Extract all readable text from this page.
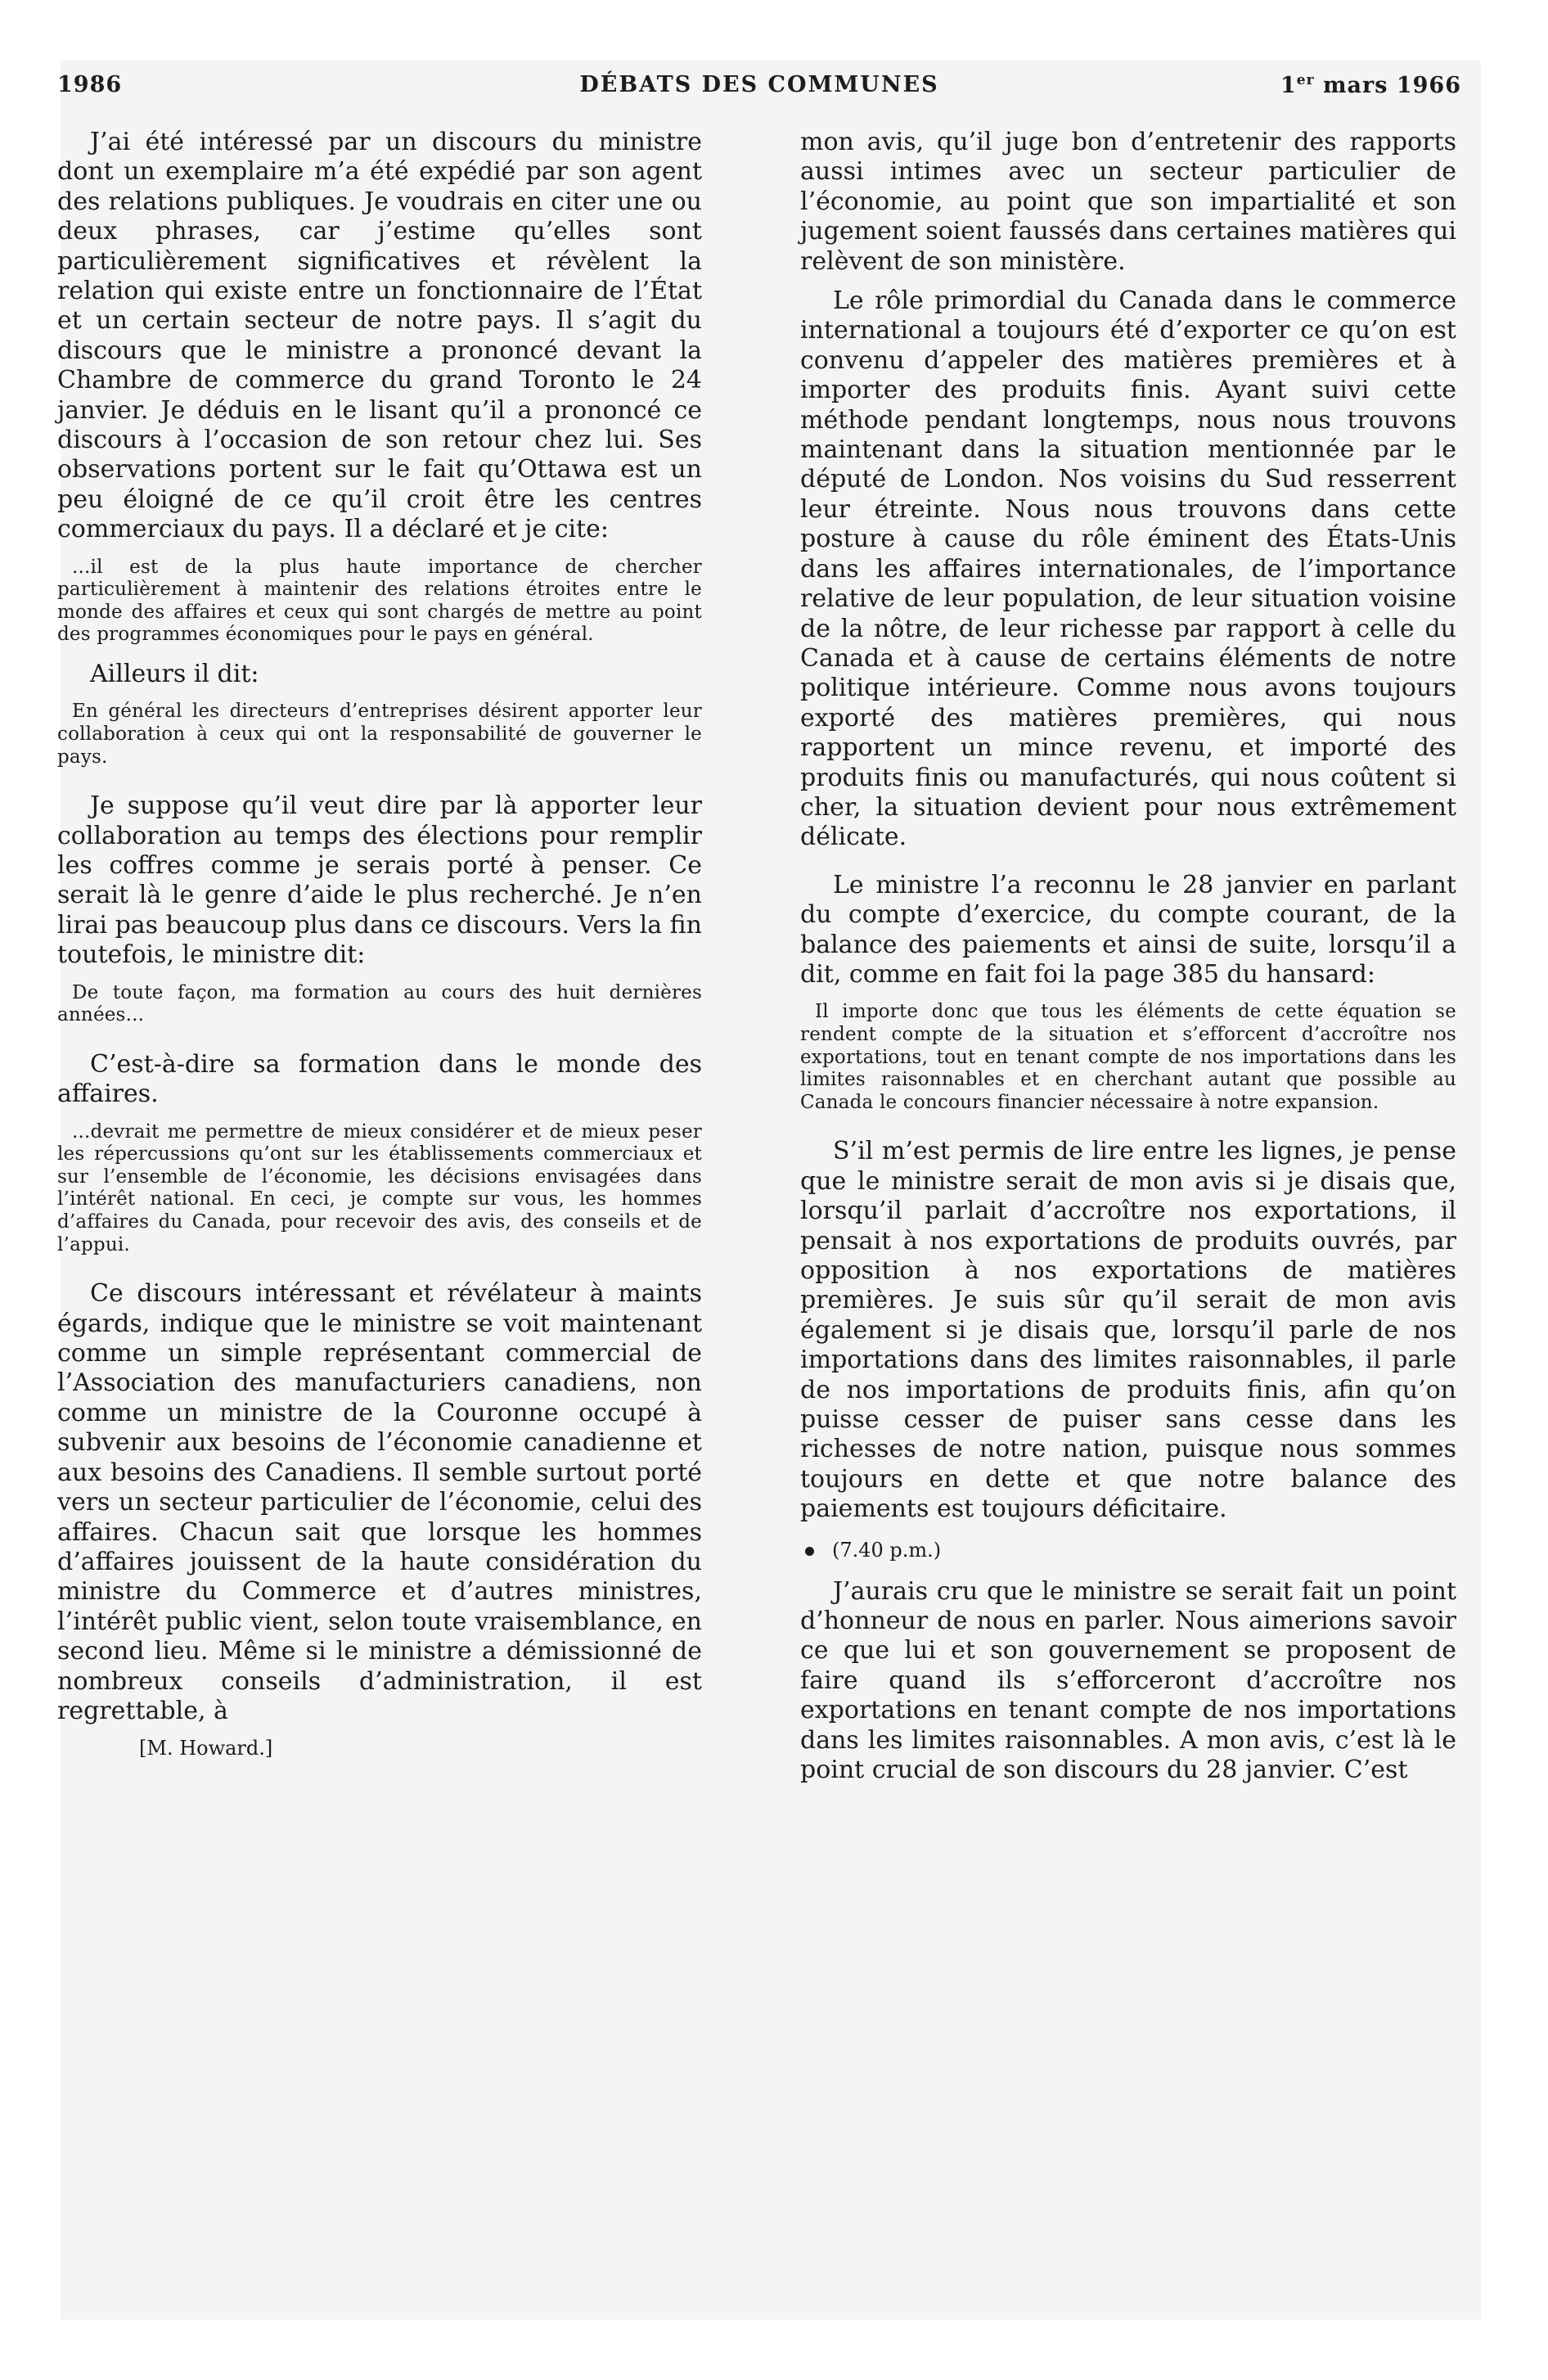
1986	DÉBATS DES COMMUNES	1er mars 1966

J’ai été intéressé par un discours du ministre dont un exemplaire m’a été expédié par son agent des relations publiques. Je voudrais en citer une ou deux phrases, car j’estime qu’elles sont particulièrement significatives et révèlent la relation qui existe entre un fonctionnaire de l’État et un certain secteur de notre pays. Il s’agit du discours que le ministre a prononcé devant la Chambre de commerce du grand Toronto le 24 janvier. Je déduis en le lisant qu’il a prononcé ce discours à l’occasion de son retour chez lui. Ses observations portent sur le fait qu’Ottawa est un peu éloigné de ce qu’il croit être les centres commerciaux du pays. Il a déclaré et je cite:

...il est de la plus haute importance de chercher particulièrement à maintenir des relations étroites entre le monde des affaires et ceux qui sont chargés de mettre au point des programmes économiques pour le pays en général.

Ailleurs il dit:

En général les directeurs d’entreprises désirent apporter leur collaboration à ceux qui ont la responsabilité de gouverner le pays.

Je suppose qu’il veut dire par là apporter leur collaboration au temps des élections pour remplir les coffres comme je serais porté à penser. Ce serait là le genre d’aide le plus recherché. Je n’en lirai pas beaucoup plus dans ce discours. Vers la fin toutefois, le ministre dit:

De toute façon, ma formation au cours des huit dernières années...

C’est-à-dire sa formation dans le monde des affaires.

...devrait me permettre de mieux considérer et de mieux peser les répercussions qu’ont sur les établissements commerciaux et sur l’ensemble de l’économie, les décisions envisagées dans l’intérêt national. En ceci, je compte sur vous, les hommes d’affaires du Canada, pour recevoir des avis, des conseils et de l’appui.

Ce discours intéressant et révélateur à maints égards, indique que le ministre se voit maintenant comme un simple représentant commercial de l’Association des manufacturiers canadiens, non comme un ministre de la Couronne occupé à subvenir aux besoins de l’économie canadienne et aux besoins des Canadiens. Il semble surtout porté vers un secteur particulier de l’économie, celui des affaires. Chacun sait que lorsque les hommes d’affaires jouissent de la haute considération du ministre du Commerce et d’autres ministres, l’intérêt public vient, selon toute vraisemblance, en second lieu. Même si le ministre a démissionné de nombreux conseils d’administration, il est regrettable, à

[M. Howard.]

mon avis, qu’il juge bon d’entretenir des rapports aussi intimes avec un secteur particulier de l’économie, au point que son impartialité et son jugement soient faussés dans certaines matières qui relèvent de son ministère.

Le rôle primordial du Canada dans le commerce international a toujours été d’exporter ce qu’on est convenu d’appeler des matières premières et à importer des produits finis. Ayant suivi cette méthode pendant longtemps, nous nous trouvons maintenant dans la situation mentionnée par le député de London. Nos voisins du Sud resserrent leur étreinte. Nous nous trouvons dans cette posture à cause du rôle éminent des États-Unis dans les affaires internationales, de l’importance relative de leur population, de leur situation voisine de la nôtre, de leur richesse par rapport à celle du Canada et à cause de certains éléments de notre politique intérieure. Comme nous avons toujours exporté des matières premières, qui nous rapportent un mince revenu, et importé des produits finis ou manufacturés, qui nous coûtent si cher, la situation devient pour nous extrêmement délicate.

Le ministre l’a reconnu le 28 janvier en parlant du compte d’exercice, du compte courant, de la balance des paiements et ainsi de suite, lorsqu’il a dit, comme en fait foi la page 385 du hansard:

Il importe donc que tous les éléments de cette équation se rendent compte de la situation et s’efforcent d’accroître nos exportations, tout en tenant compte de nos importations dans les limites raisonnables et en cherchant autant que possible au Canada le concours financier nécessaire à notre expansion.

S’il m’est permis de lire entre les lignes, je pense que le ministre serait de mon avis si je disais que, lorsqu’il parlait d’accroître nos exportations, il pensait à nos exportations de produits ouvrés, par opposition à nos exportations de matières premières. Je suis sûr qu’il serait de mon avis également si je disais que, lorsqu’il parle de nos importations dans des limites raisonnables, il parle de nos importations de produits finis, afin qu’on puisse cesser de puiser sans cesse dans les richesses de notre nation, puisque nous sommes toujours en dette et que notre balance des paiements est toujours déficitaire.

(7.40 p.m.)

J’aurais cru que le ministre se serait fait un point d’honneur de nous en parler. Nous aimerions savoir ce que lui et son gouvernement se proposent de faire quand ils s’efforceront d’accroître nos exportations en tenant compte de nos importations dans les limites raisonnables. A mon avis, c’est là le point crucial de son discours du 28 janvier. C’est
